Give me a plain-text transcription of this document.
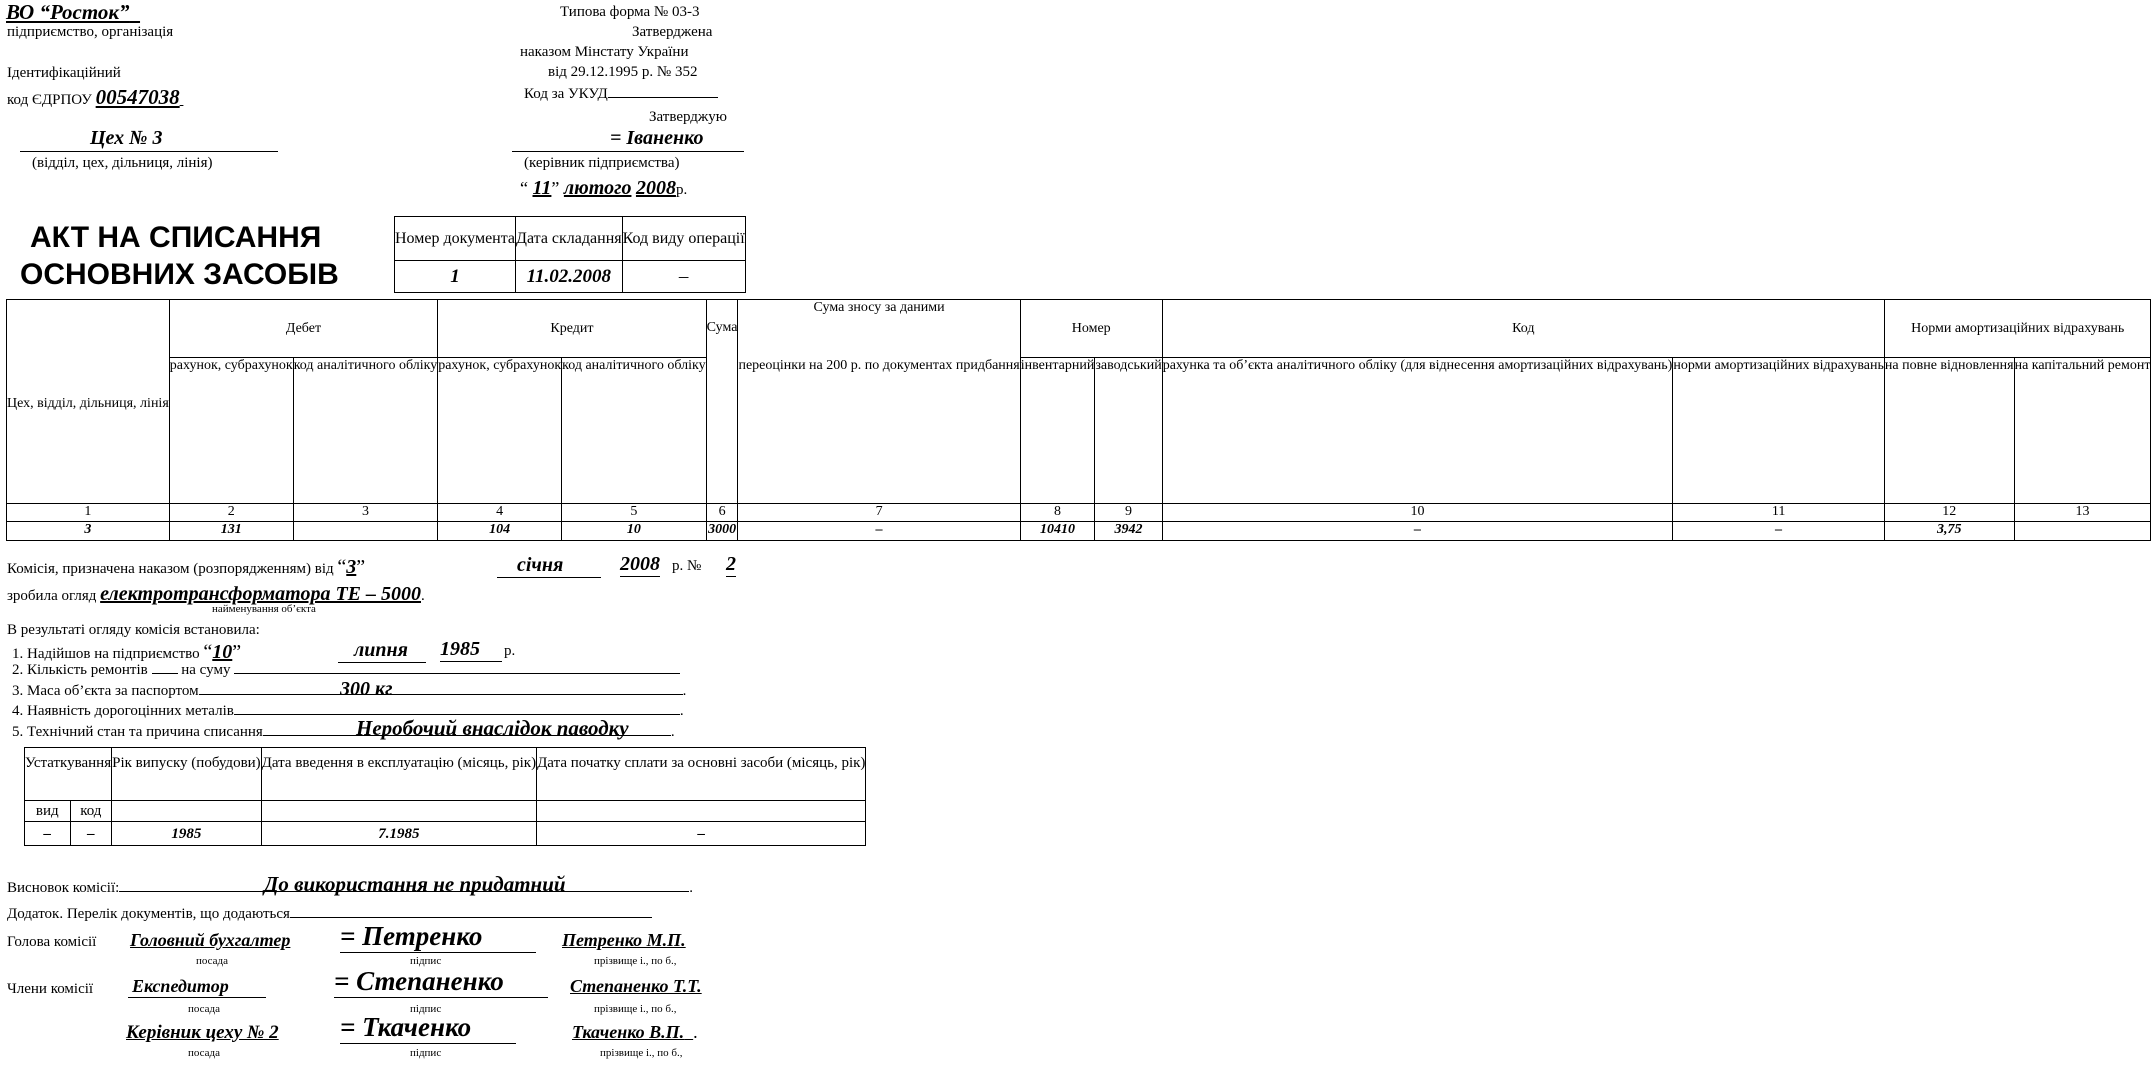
ВО “Росток”
підприємство, організація
Ідентифікаційний
код ЄДРПОУ 00547038
Типова форма № 03-3
Затверджена
наказом Мінстату України
від 29.12.1995 р. № 352
Код за УКУД
Затверджую
Цех № 3
(відділ, цех, дільниця, лінія)
= Іваненко
(керівник підприємства)
“ 11” лютого 2008р.
АКТ НА СПИСАННЯ
ОСНОВНИХ ЗАСОБІВ
Номер документа	Дата складання	Код виду операції
1	11.02.2008	–
Цех, відділ, дільниця, лінія	Дебет		Кредит		Сума	Сума зносу за даними	Номер		Код		Норми амортизаційних відрахувань	
	рахунок, субрахунок	код аналітичного обліку	рахунок, субрахунок	код аналітичного обліку		переоцінки на 200 р. по документах придбання	інвентарний	заводський	рахунка та об’єкта аналітичного обліку (для віднесення амортизаційних відрахувань)	норми амортизаційних відрахувань	на повне відновлення	на капітальний ремонт
1	2	3	4	5	6	7	8	9	10	11	12	13
3	131		104	10	3000	–	10410	3942	–	–	3,75	
Комісія, призначена наказом (розпорядженням) від “3”	січня	2008 р. № 2
зробила огляд електротрансформатора ТЕ – 5000.
найменування об’єкта
В результаті огляду комісія встановила:
1. Надійшов на підприємство “10”	липня	1985	р.
2. Кількість ремонтів на суму
3. Маса об’єкта за паспортом	.
300 кг
4. Наявність дорогоцінних металів	.
5. Технічний стан та причина списання	.
Неробочий внаслідок паводку
Устаткування		Рік випуску (побудови)	Дата введення в експлуатацію (місяць, рік)	Дата початку сплати за основні засоби (місяць, рік)
вид	код			
–	–	1985	7.1985	–
Висновок комісії:	.
До використання не придатний
Додаток. Перелік документів, що додаються
Голова комісії Головний бухгалтер = Петренко	Петренко М.П.
посада	підпис	прізвище і., по б.,
Члени комісії Експедитор	= Степаненко	Степаненко Т.Т.
посада	підпис	прізвище і., по б.,
Керівник цеху № 2 = Ткаченко	Ткаченко В.П. .
посада	підпис	прізвище і., по б.,
